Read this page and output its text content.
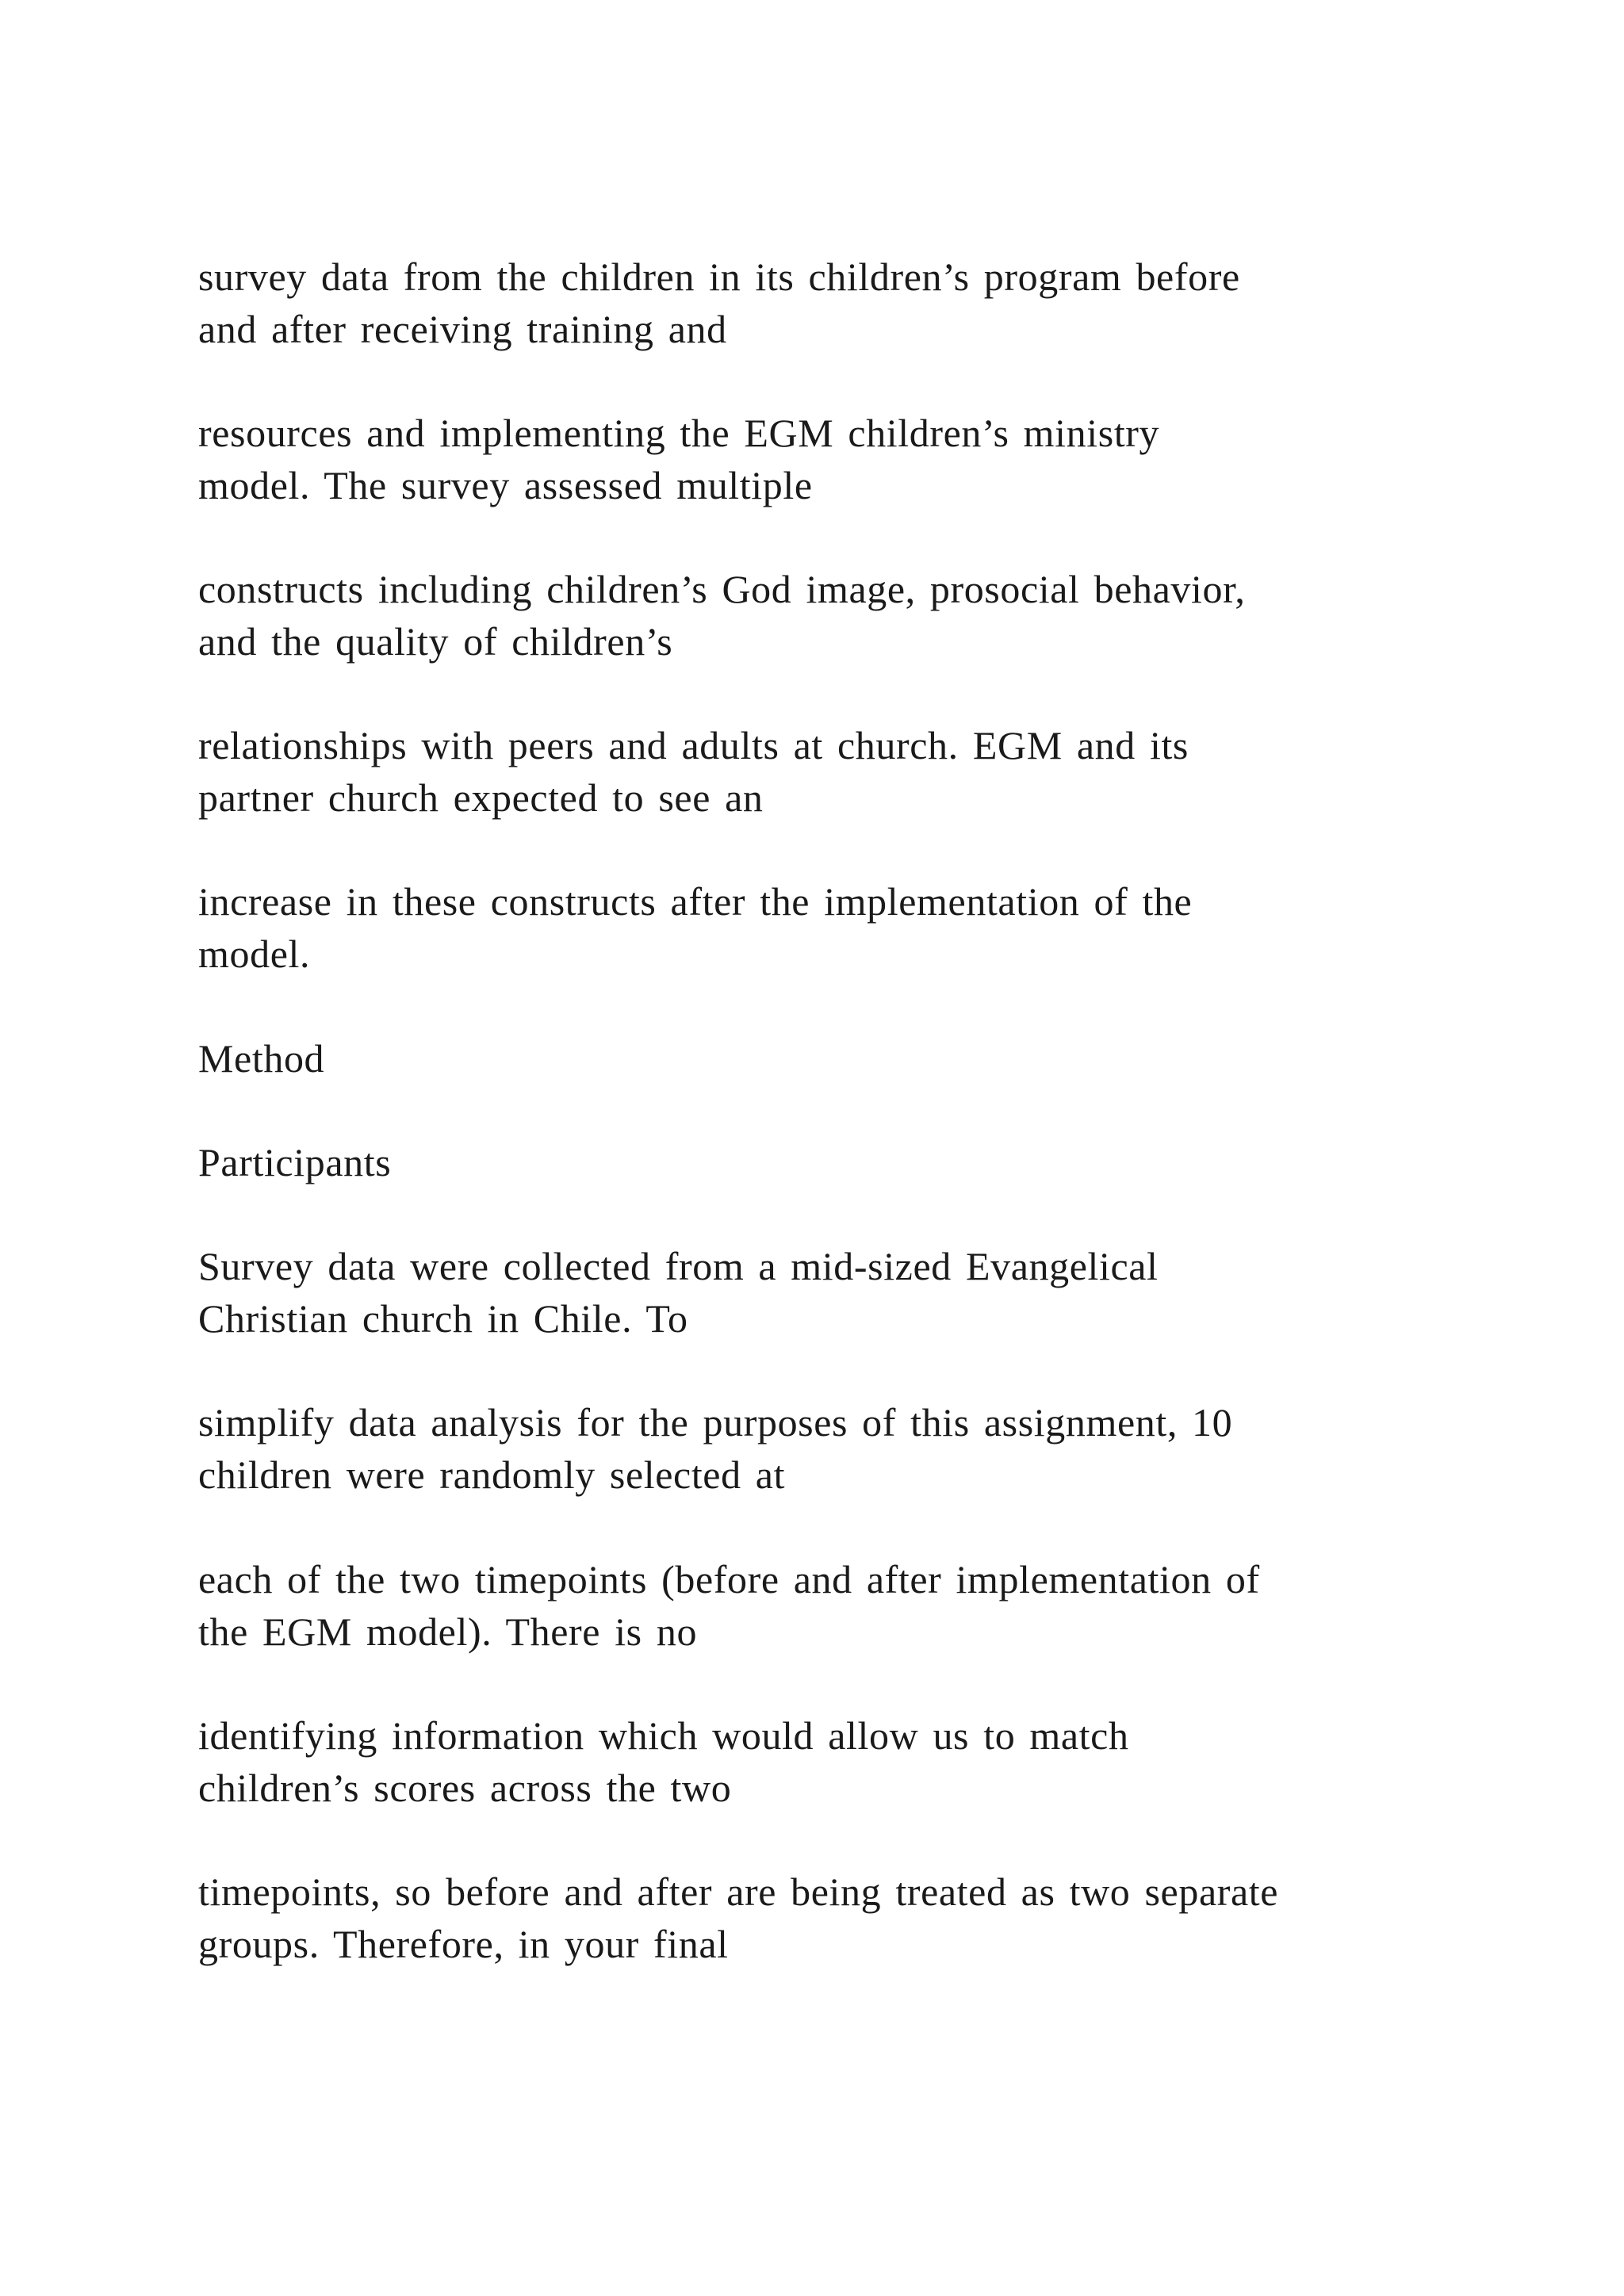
survey data from the children in its children’s program before
and after receiving training and

resources and implementing the EGM children’s ministry
model. The survey assessed multiple

constructs including children’s God image, prosocial behavior,
and the quality of children’s

relationships with peers and adults at church. EGM and its
partner church expected to see an

increase in these constructs after the implementation of the
model.

Method

Participants

Survey data were collected from a mid-sized Evangelical
Christian church in Chile. To

simplify data analysis for the purposes of this assignment, 10
children were randomly selected at

each of the two timepoints (before and after implementation of
the EGM model). There is no

identifying information which would allow us to match
children’s scores across the two

timepoints, so before and after are being treated as two separate
groups. Therefore, in your final
